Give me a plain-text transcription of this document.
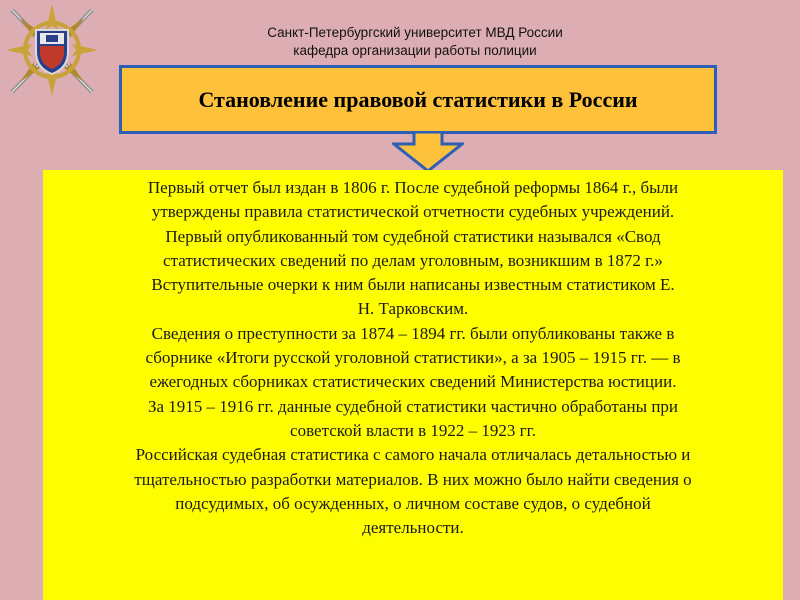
Санкт-Петербургский университет МВД России
кафедра организации работы полиции
Становление правовой статистики в России

Первый отчет был издан в 1806 г. После судебной реформы 1864 г., были

утверждены правила статистической отчетности судебных учреждений.

Первый опубликованный том судебной статистики назывался «Свод

статистических сведений по делам уголовным, возникшим в 1872 г.»

Вступительные очерки к ним были написаны известным статистиком Е.

Н. Тарковским.

Сведения о преступности за 1874 – 1894 гг. были опубликованы также в

сборнике «Итоги русской уголовной статистики», а за 1905 – 1915 гг. — в

ежегодных сборниках статистических сведений Министерства юстиции.

За 1915 – 1916 гг. данные судебной статистики частично обработаны при

советской власти в 1922 – 1923 гг.

Российская судебная статистика с самого начала отличалась детальностью и

тщательностью разработки материалов. В них можно было найти сведения о

подсудимых, об осужденных, о личном составе судов, о судебной

деятельности.
